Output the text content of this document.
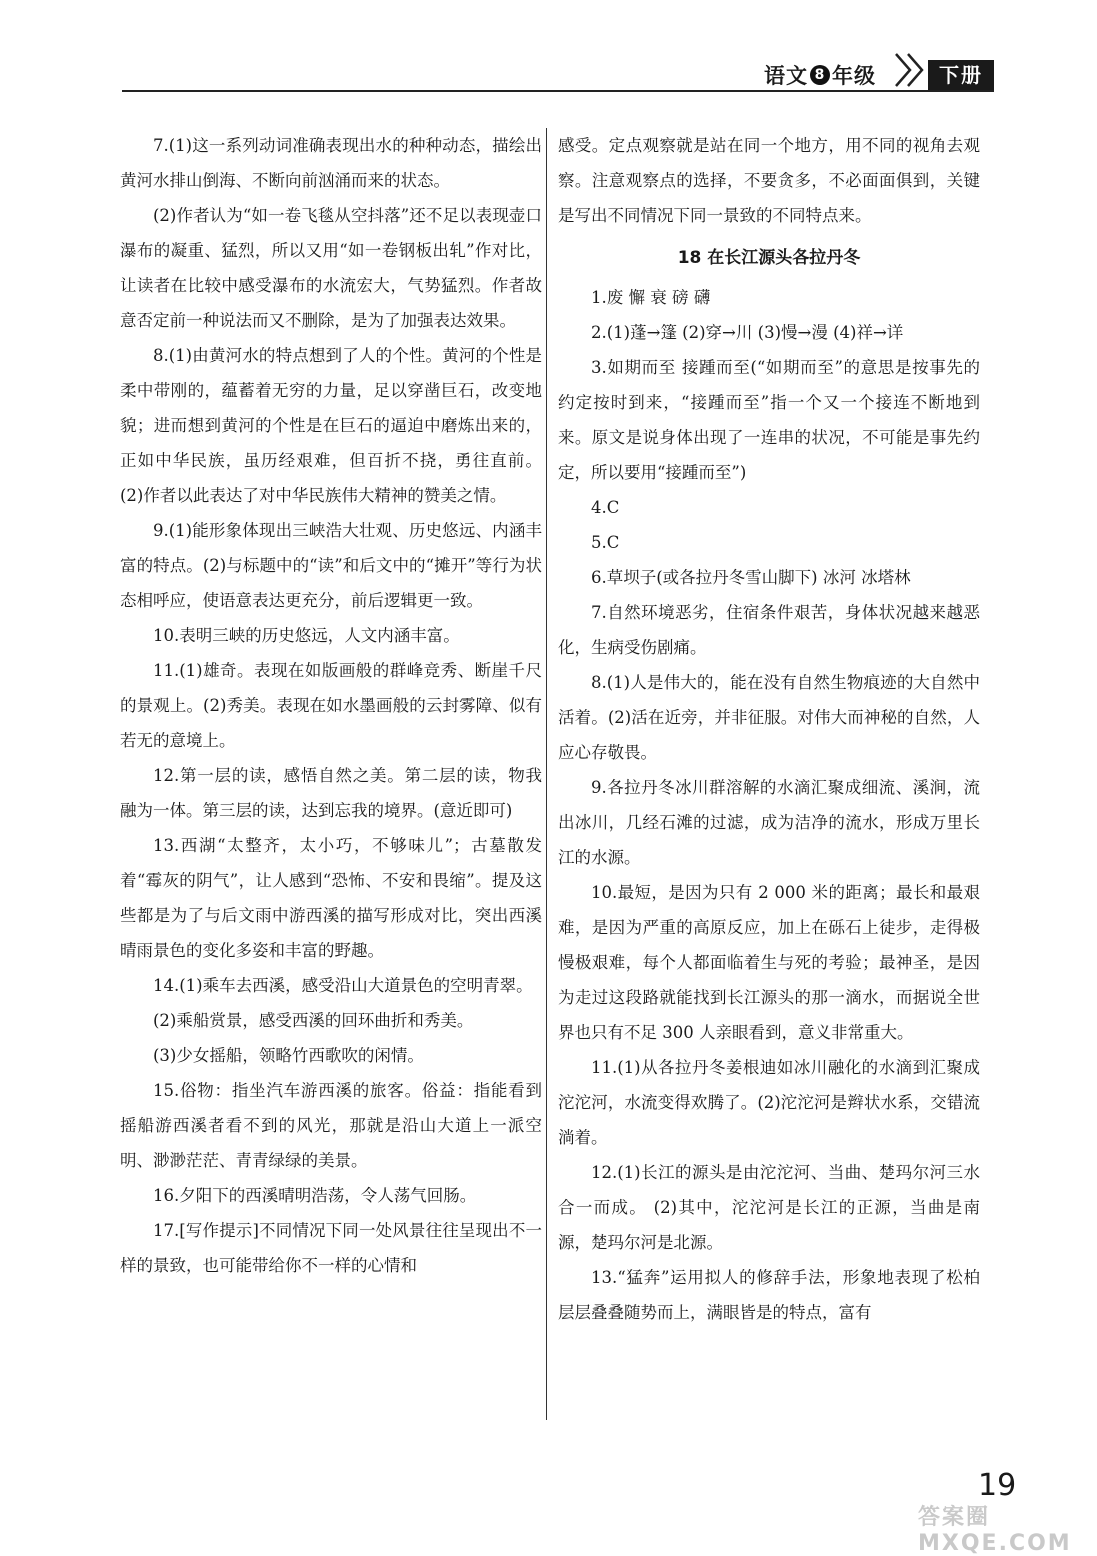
语文 8 年级	下册

7.(1)这一系列动词准确表现出水的种种动态，描绘出黄河水排山倒海、不断向前汹涌而来的状态。

(2)作者认为“如一卷飞毯从空抖落”还不足以表现壶口瀑布的凝重、猛烈，所以又用“如一卷钢板出轧”作对比，让读者在比较中感受瀑布的水流宏大，气势猛烈。作者故意否定前一种说法而又不删除，是为了加强表达效果。

8.(1)由黄河水的特点想到了人的个性。黄河的个性是柔中带刚的，蕴蓄着无穷的力量，足以穿凿巨石，改变地貌；进而想到黄河的个性是在巨石的逼迫中磨炼出来的，正如中华民族，虽历经艰难，但百折不挠，勇往直前。 (2)作者以此表达了对中华民族伟大精神的赞美之情。

9.(1)能形象体现出三峡浩大壮观、历史悠远、内涵丰富的特点。(2)与标题中的“读”和后文中的“摊开”等行为状态相呼应，使语意表达更充分，前后逻辑更一致。

10.表明三峡的历史悠远，人文内涵丰富。

11.(1)雄奇。表现在如版画般的群峰竞秀、断崖千尺的景观上。(2)秀美。表现在如水墨画般的云封雾障、似有若无的意境上。

12.第一层的读，感悟自然之美。第二层的读，物我融为一体。第三层的读，达到忘我的境界。(意近即可)

13.西湖“太整齐，太小巧，不够味儿”；古墓散发着“霉灰的阴气”，让人感到“恐怖、不安和畏缩”。提及这些都是为了与后文雨中游西溪的描写形成对比，突出西溪晴雨景色的变化多姿和丰富的野趣。

14.(1)乘车去西溪，感受沿山大道景色的空明青翠。

(2)乘船赏景，感受西溪的回环曲折和秀美。

(3)少女摇船，领略竹西歌吹的闲情。

15.俗物：指坐汽车游西溪的旅客。俗益：指能看到摇船游西溪者看不到的风光，那就是沿山大道上一派空明、渺渺茫茫、青青绿绿的美景。

16.夕阳下的西溪晴明浩荡，令人荡气回肠。

17.[写作提示]不同情况下同一处风景往往呈现出不一样的景致，也可能带给你不一样的心情和

感受。定点观察就是站在同一个地方，用不同的视角去观察。注意观察点的选择，不要贪多，不必面面俱到，关键是写出不同情况下同一景致的不同特点来。

18 在长江源头各拉丹冬

1.废 懈 衰 磅 礴

2.(1)蓬→篷 (2)穿→川 (3)慢→漫 (4)祥→详

3.如期而至 接踵而至(“如期而至”的意思是按事先的约定按时到来，“接踵而至”指一个又一个接连不断地到来。原文是说身体出现了一连串的状况，不可能是事先约定，所以要用“接踵而至”)

4.C

5.C

6.草坝子(或各拉丹冬雪山脚下) 冰河 冰塔林

7.自然环境恶劣，住宿条件艰苦，身体状况越来越恶化，生病受伤剧痛。

8.(1)人是伟大的，能在没有自然生物痕迹的大自然中活着。(2)活在近旁，并非征服。对伟大而神秘的自然，人应心存敬畏。

9.各拉丹冬冰川群溶解的水滴汇聚成细流、溪涧，流出冰川，几经石滩的过滤，成为洁净的流水，形成万里长江的水源。

10.最短，是因为只有 2 000 米的距离；最长和最艰难，是因为严重的高原反应，加上在砾石上徒步，走得极慢极艰难，每个人都面临着生与死的考验；最神圣，是因为走过这段路就能找到长江源头的那一滴水，而据说全世界也只有不足 300 人亲眼看到，意义非常重大。

11.(1)从各拉丹冬姜根迪如冰川融化的水滴到汇聚成沱沱河，水流变得欢腾了。(2)沱沱河是辫状水系，交错流淌着。

12.(1)长江的源头是由沱沱河、当曲、楚玛尔河三水合一而成。 (2)其中，沱沱河是长江的正源，当曲是南源，楚玛尔河是北源。

13.“猛奔”运用拟人的修辞手法，形象地表现了松柏层层叠叠随势而上，满眼皆是的特点，富有

19
答案圈 MXQE.COM
